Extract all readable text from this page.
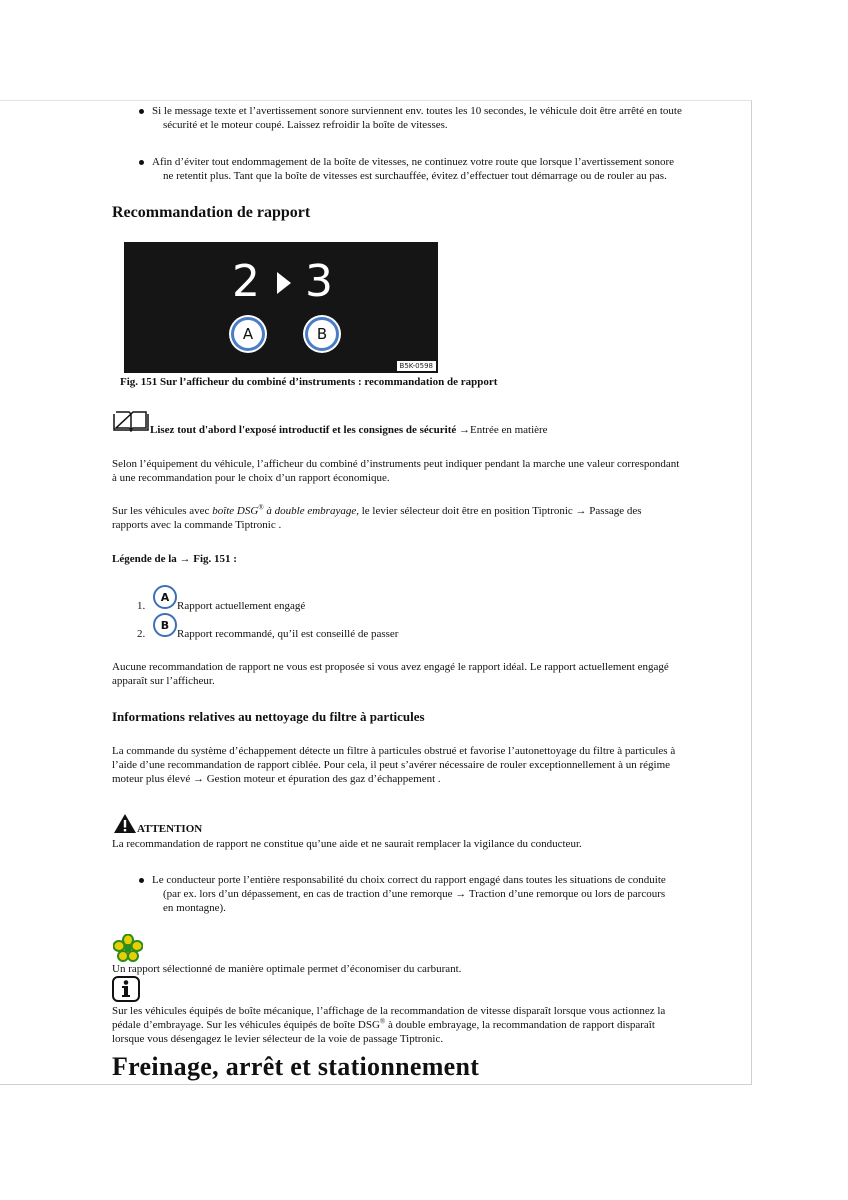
Si le message texte et l’avertissement sonore surviennent env. toutes les 10 secondes, le véhicule doit être arrêté en toute
sécurité et le moteur coupé. Laissez refroidir la boîte de vitesses.
Afin d’éviter tout endommagement de la boîte de vitesses, ne continuez votre route que lorsque l’avertissement sonore
ne retentit plus. Tant que la boîte de vitesses est surchauffée, évitez d’effectuer tout démarrage ou de rouler au pas.
Recommandation de rapport
2 3
A	B
B5K-0598
Fig. 151 Sur l’afficheur du combiné d’instruments : recommandation de rapport
Lisez tout d'abord l'exposé introductif et les consignes de sécurité →Entrée en matière
Selon l’équipement du véhicule, l’afficheur du combiné d’instruments peut indiquer pendant la marche une valeur correspondant
à une recommandation pour le choix d’un rapport économique.
Sur les véhicules avec boîte DSG® à double embrayage, le levier sélecteur doit être en position Tiptronic → Passage des
rapports avec la commande Tiptronic .
Légende de la → Fig. 151 :
1.
A
Rapport actuellement engagé
2.
B
Rapport recommandé, qu’il est conseillé de passer
Aucune recommandation de rapport ne vous est proposée si vous avez engagé le rapport idéal. Le rapport actuellement engagé
apparaît sur l’afficheur.
Informations relatives au nettoyage du filtre à particules
La commande du système d’échappement détecte un filtre à particules obstrué et favorise l’autonettoyage du filtre à particules à
l’aide d’une recommandation de rapport ciblée. Pour cela, il peut s’avérer nécessaire de rouler exceptionnellement à un régime
moteur plus élevé → Gestion moteur et épuration des gaz d’échappement .
ATTENTION
La recommandation de rapport ne constitue qu’une aide et ne saurait remplacer la vigilance du conducteur.
Le conducteur porte l’entière responsabilité du choix correct du rapport engagé dans toutes les situations de conduite
(par ex. lors d’un dépassement, en cas de traction d’une remorque → Traction d’une remorque ou lors de parcours
en montagne).
Un rapport sélectionné de manière optimale permet d’économiser du carburant.
Sur les véhicules équipés de boîte mécanique, l’affichage de la recommandation de vitesse disparaît lorsque vous actionnez la
pédale d’embrayage. Sur les véhicules équipés de boîte DSG® à double embrayage, la recommandation de rapport disparaît
lorsque vous désengagez le levier sélecteur de la voie de passage Tiptronic.
Freinage, arrêt et stationnement
